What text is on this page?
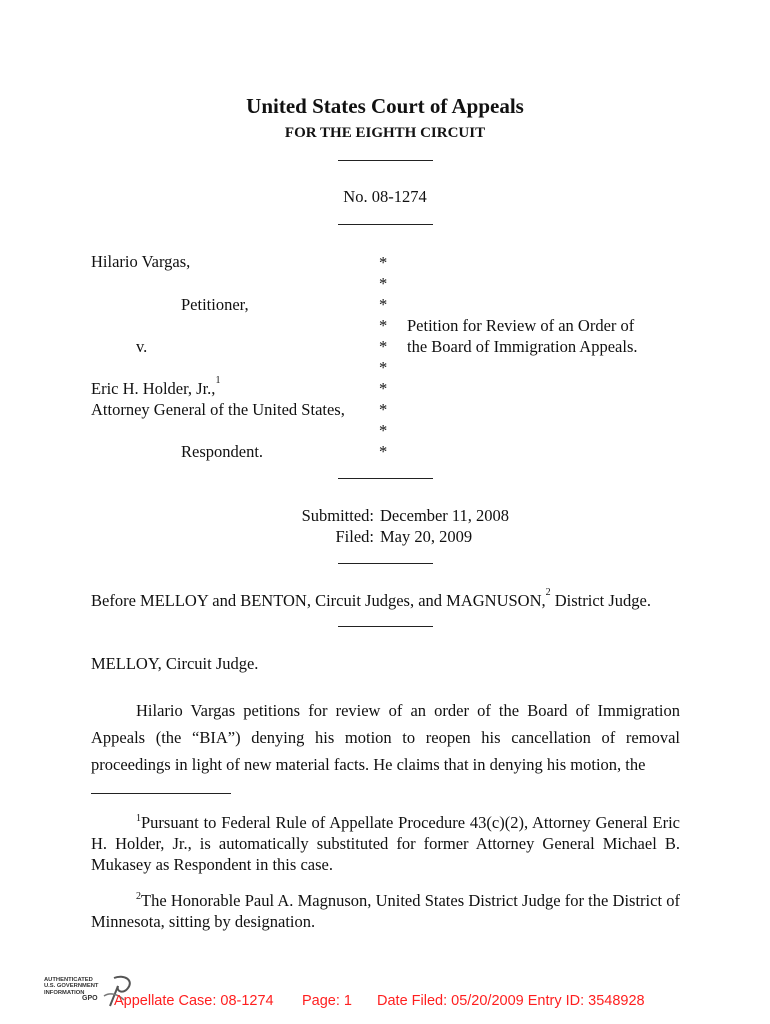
United States Court of Appeals
FOR THE EIGHTH CIRCUIT
No. 08-1274
Hilario Vargas,
Petitioner,
v.
Eric H. Holder, Jr.,$^1$
Attorney General of the United States,
Respondent.
*
*
*
*
*
*
*
*
*
*
Petition for Review of an Order of
the Board of Immigration Appeals.
Submitted: December 11, 2008
Filed: May 20, 2009
Before MELLOY and BENTON, Circuit Judges, and MAGNUSON,$^2$ District Judge.
MELLOY, Circuit Judge.
Hilario Vargas petitions for review of an order of the Board of Immigration Appeals (the “BIA”) denying his motion to reopen his cancellation of removal proceedings in light of new material facts. He claims that in denying his motion, the
$^1$Pursuant to Federal Rule of Appellate Procedure 43(c)(2), Attorney General Eric H. Holder, Jr., is automatically substituted for former Attorney General Michael B. Mukasey as Respondent in this case.
$^2$The Honorable Paul A. Magnuson, United States District Judge for the District of Minnesota, sitting by designation.
AUTHENTICATED
U.S. GOVERNMENT
INFORMATION
GPO Appellate Case: 08-1274 Page: 1 Date Filed: 05/20/2009 Entry ID: 3548928
